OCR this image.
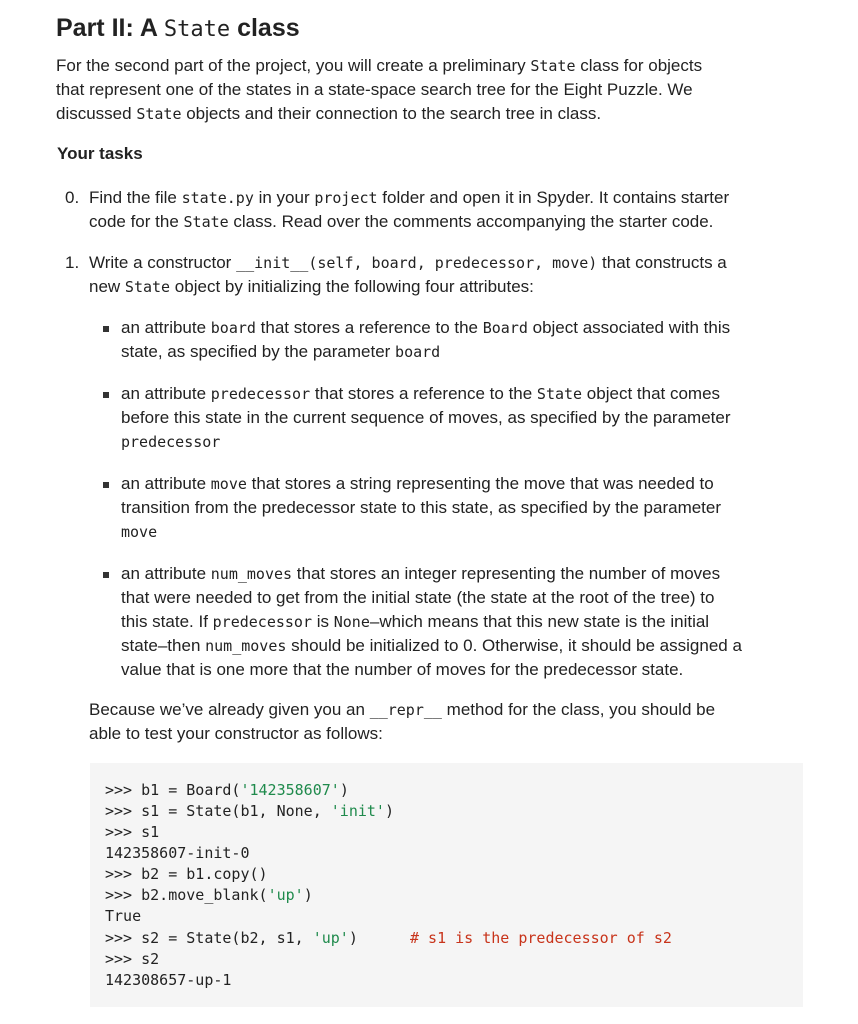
Part II: A State class

For the second part of the project, you will create a preliminary State class for objects
that represent one of the states in a state-space search tree for the Eight Puzzle. We
discussed State objects and their connection to the search tree in class.

Your tasks

0. Find the file state.py in your project folder and open it in Spyder. It contains starter
code for the State class. Read over the comments accompanying the starter code.

1. Write a constructor __init__(self, board, predecessor, move) that constructs a
new State object by initializing the following four attributes:

an attribute board that stores a reference to the Board object associated with this
state, as specified by the parameter board

an attribute predecessor that stores a reference to the State object that comes
before this state in the current sequence of moves, as specified by the parameter
predecessor

an attribute move that stores a string representing the move that was needed to
transition from the predecessor state to this state, as specified by the parameter
move

an attribute num_moves that stores an integer representing the number of moves
that were needed to get from the initial state (the state at the root of the tree) to
this state. If predecessor is None–which means that this new state is the initial
state–then num_moves should be initialized to 0. Otherwise, it should be assigned a
value that is one more that the number of moves for the predecessor state.

Because we’ve already given you an __repr__ method for the class, you should be
able to test your constructor as follows:

>>> b1 = Board('142358607')
>>> s1 = State(b1, None, 'init')
>>> s1
142358607-init-0
>>> b2 = b1.copy()
>>> b2.move_blank('up')
True
>>> s2 = State(b2, s1, 'up')	# s1 is the predecessor of s2
>>> s2
142308657-up-1
